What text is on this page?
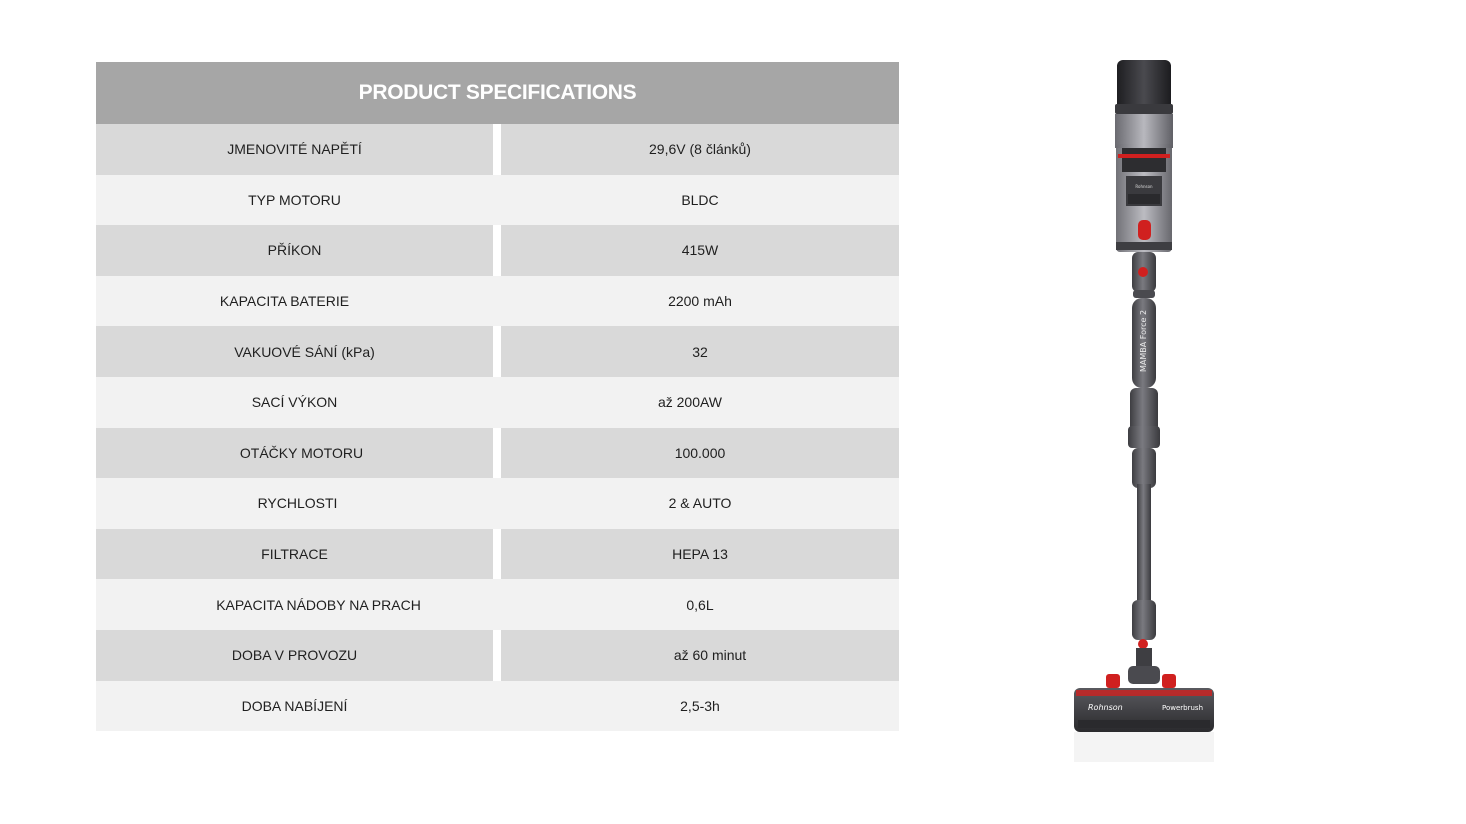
PRODUCT SPECIFICATIONS
JMENOVITÉ NAPĚTÍ	29,6V (8 článků)
TYP MOTORU	BLDC
PŘÍKON	415W
KAPACITA BATERIE	2200 mAh
VAKUOVÉ SÁNÍ (kPa)	32
SACÍ VÝKON	až 200AW
OTÁČKY MOTORU	100.000
RYCHLOSTI	2 & AUTO
FILTRACE	HEPA 13
KAPACITA NÁDOBY NA PRACH	0,6L
DOBA V PROVOZU	až 60 minut
DOBA NABÍJENÍ	2,5-3h
Rohnson
MAMBA Force 2
Rohnson	Powerbrush
